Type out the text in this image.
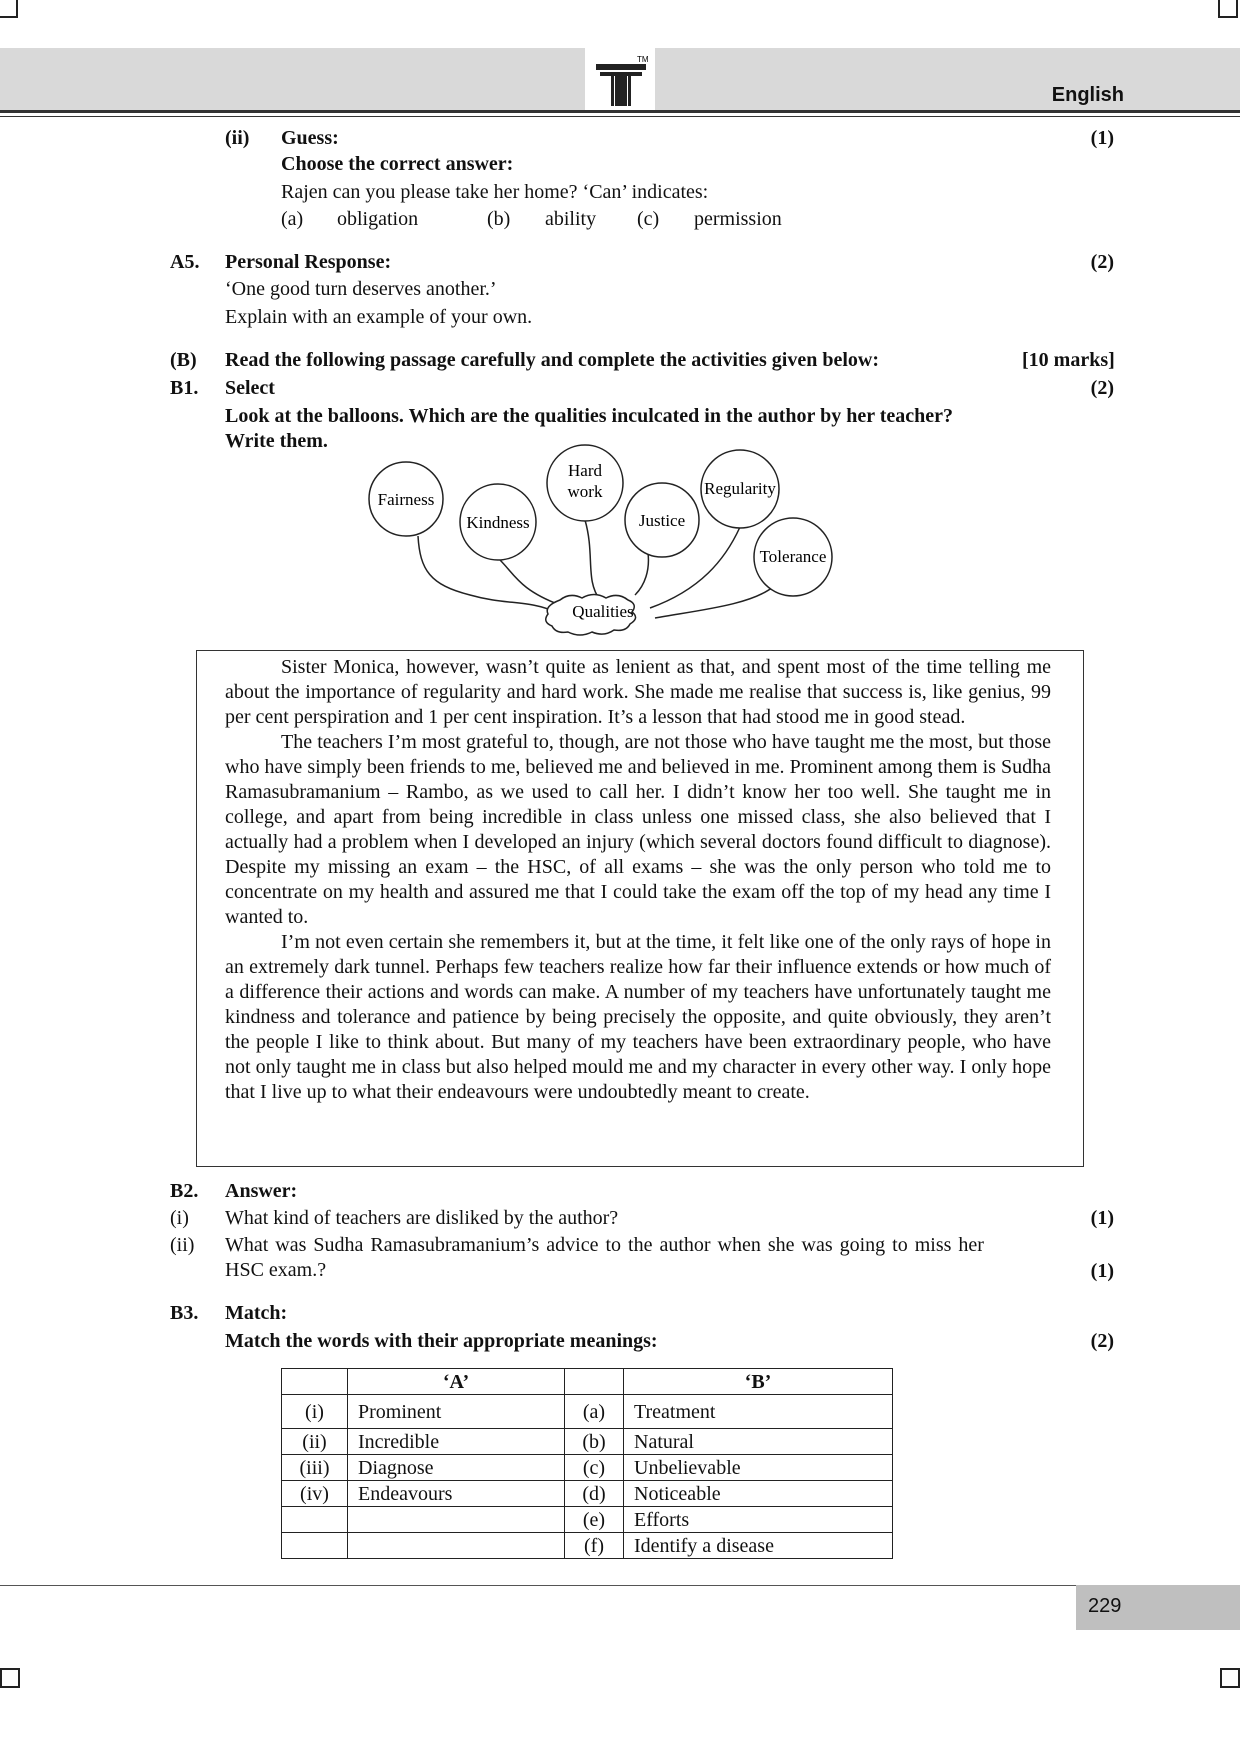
TM
English
(ii) Guess:	(1)
Choose the correct answer:
Rajen can you please take her home? ‘Can’ indicates:
(a) obligation	(b) ability (c) permission
A5. Personal Response:	(2)
‘One good turn deserves another.’
Explain with an example of your own.
(B) Read the following passage carefully and complete the activities given below:	[10 marks]
B1. Select	(2)
Look at the balloons. Which are the qualities inculcated in the author by her teacher?
Write them.
Fairness
Kindness
Hard
work
Justice
Regularity
Tolerance
Qualities

Sister Monica, however, wasn’t quite as lenient as that, and spent most of the time telling me about the importance of regularity and hard work. She made me realise that success is, like genius, 99 per cent perspiration and 1 per cent inspiration. It’s a lesson that had stood me in good stead.

The teachers I’m most grateful to, though, are not those who have taught me the most, but those who have simply been friends to me, believed me and believed in me. Prominent among them is Sudha Ramasubramanium – Rambo, as we used to call her. I didn’t know her too well. She taught me in college, and apart from being incredible in class unless one missed class, she also believed that I actually had a problem when I developed an injury (which several doctors found difficult to diagnose). Despite my missing an exam – the HSC, of all exams – she was the only person who told me to concentrate on my health and assured me that I could take the exam off the top of my head any time I wanted to.

I’m not even certain she remembers it, but at the time, it felt like one of the only rays of hope in an extremely dark tunnel. Perhaps few teachers realize how far their influence extends or how much of a difference their actions and words can make. A number of my teachers have unfortunately taught me kindness and tolerance and patience by being precisely the opposite, and quite obviously, they aren’t the people I like to think about. But many of my teachers have been extraordinary people, who have not only taught me in class but also helped mould me and my character in every other way. I only hope that I live up to what their endeavours were undoubtedly meant to create.

B2. Answer:
(i) What kind of teachers are disliked by the author?	(1)
(ii) What was Sudha Ramasubramanium’s advice to the author when she was going to miss her
HSC exam.?	(1)
B3. Match:
Match the words with their appropriate meanings:	(2)
	‘A’		‘B’
(i)	Prominent	(a)	Treatment
(ii)	Incredible	(b)	Natural
(iii)	Diagnose	(c)	Unbelievable
(iv)	Endeavours	(d)	Noticeable
		(e)	Efforts
		(f)	Identify a disease
229
